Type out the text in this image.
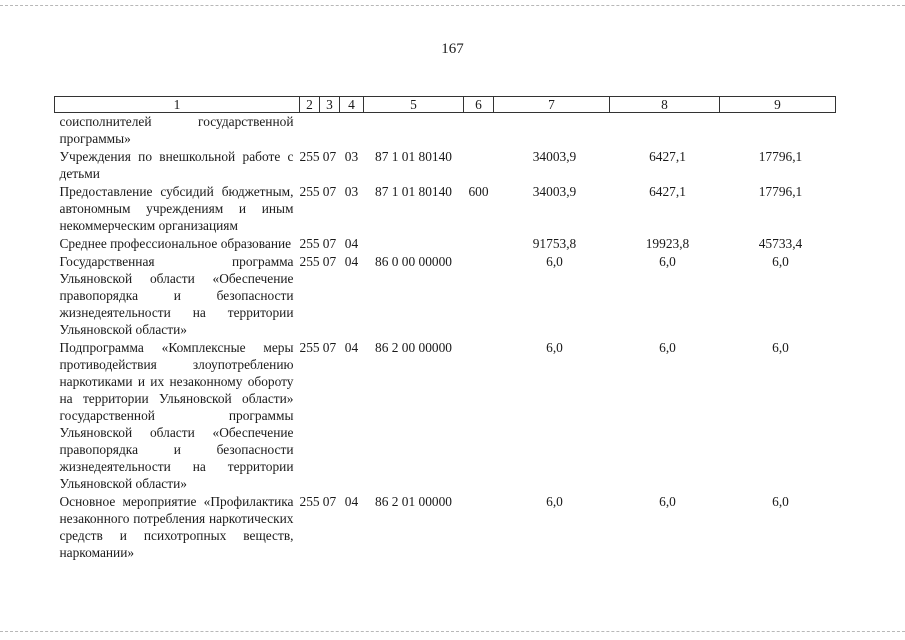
167
1	2	3	4	5	6	7	8	9
соисполнителей государственной программы»								
Учреждения по внешкольной работе с детьми	255	07	03	87 1 01 80140		34003,9	6427,1	17796,1
Предоставление субсидий бюджетным, автономным учреждениям и иным некоммерческим организациям	255	07	03	87 1 01 80140	600	34003,9	6427,1	17796,1
Среднее профессиональное образование	255	07	04			91753,8	19923,8	45733,4
Государственная программа Ульяновской области «Обеспечение правопорядка и безопасности жизнедеятельности на территории Ульяновской области»	255	07	04	86 0 00 00000		6,0	6,0	6,0
Подпрограмма «Комплексные меры противодействия злоупотреблению наркотиками и их незаконному обороту на территории Ульяновской области» государственной программы Ульяновской области «Обеспечение правопорядка и безопасности жизнедеятельности на территории Ульяновской области»	255	07	04	86 2 00 00000		6,0	6,0	6,0
Основное мероприятие «Профилактика незаконного потребления наркотических средств и психотропных веществ, наркомании»	255	07	04	86 2 01 00000		6,0	6,0	6,0
